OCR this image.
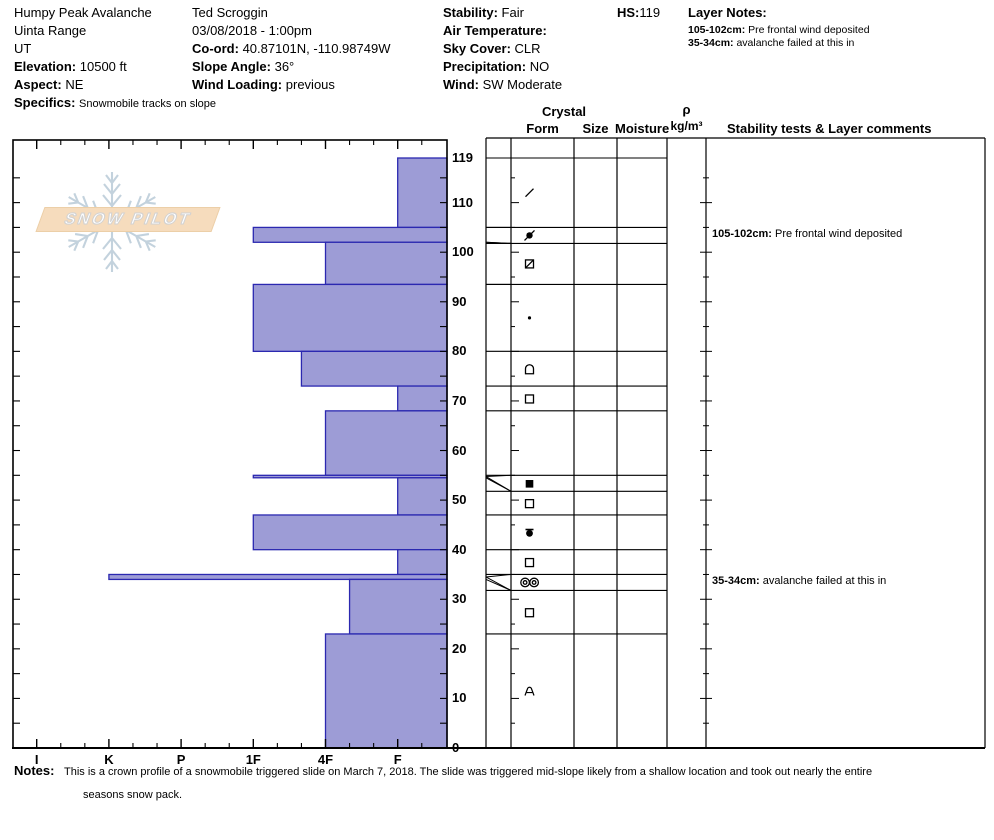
SNOW PILOT
Humpy Peak Avalanche
Uinta Range
UT
Elevation: 10500 ft
Aspect: NE
Specifics: Snowmobile tracks on slope
Ted Scroggin
03/08/2018 - 1:00pm
Co-ord: 40.87101N, -110.98749W
Slope Angle: 36°
Wind Loading: previous
Stability: Fair
Air Temperature:
Sky Cover: CLR
Precipitation: NO
Wind: SW Moderate
HS:119 Layer Notes:
105-102cm: Pre frontal wind deposited
35-34cm: avalanche failed at this in
Crystal
Form	Size Moisture
ρ
kg/m³	Stability tests & Layer comments
I	K	P	1F	4F	F
119
110
100
90
80
70
60
50
40
30
20
10
0
105-102cm: Pre frontal wind deposited
35-34cm: avalanche failed at this in
Notes: This is a crown profile of a snowmobile triggered slide on March 7, 2018. The slide was triggered mid-slope likely from a shallow location and took out nearly the entire
seasons snow pack.
